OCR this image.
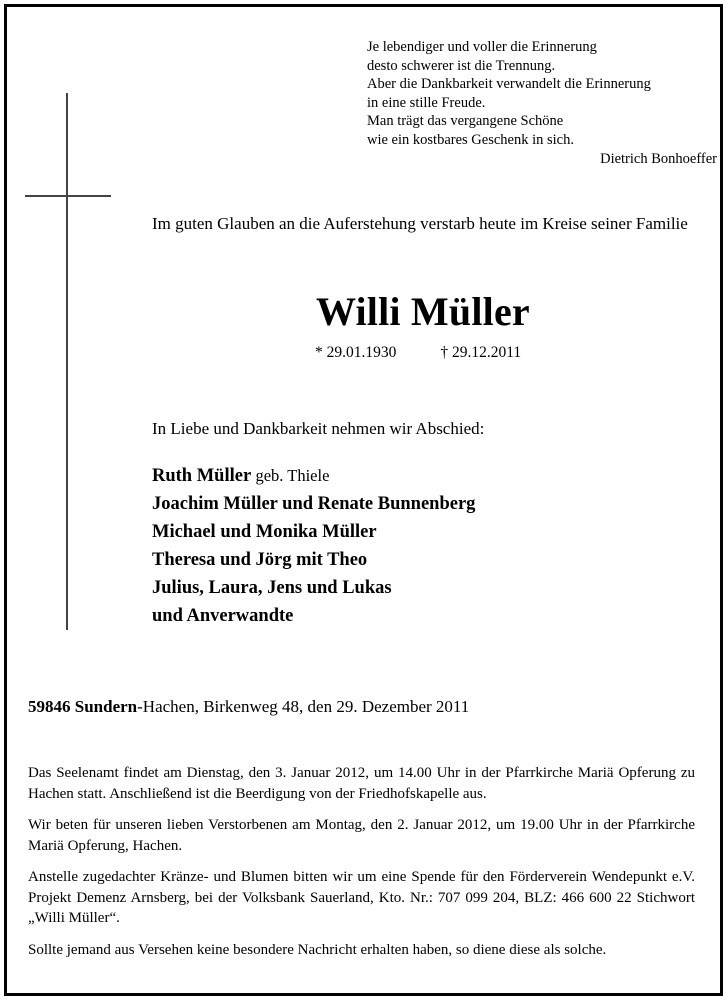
Je lebendiger und voller die Erinnerung
desto schwerer ist die Trennung.
Aber die Dankbarkeit verwandelt die Erinnerung
in eine stille Freude.
Man trägt das vergangene Schöne
wie ein kostbares Geschenk in sich.
Dietrich Bonhoeffer
Im guten Glauben an die Auferstehung verstarb heute im Kreise seiner Familie
Willi Müller
* 29.01.1930	† 29.12.2011
In Liebe und Dankbarkeit nehmen wir Abschied:
Ruth Müller geb. Thiele
Joachim Müller und Renate Bunnenberg
Michael und Monika Müller
Theresa und Jörg mit Theo
Julius, Laura, Jens und Lukas
und Anverwandte
59846 Sundern-Hachen, Birkenweg 48, den 29. Dezember 2011

Das Seelenamt findet am Dienstag, den 3. Januar 2012, um 14.00 Uhr in der Pfarrkirche Mariä Opferung zu Hachen statt. Anschließend ist die Beerdigung von der Friedhofskapelle aus.

Wir beten für unseren lieben Verstorbenen am Montag, den 2. Januar 2012, um 19.00 Uhr in der Pfarrkirche Mariä Opferung, Hachen.

Anstelle zugedachter Kränze- und Blumen bitten wir um eine Spende für den Förderverein Wendepunkt e.V. Projekt Demenz Arnsberg, bei der Volksbank Sauerland, Kto. Nr.: 707 099 204, BLZ: 466 600 22 Stichwort „Willi Müller“.

Sollte jemand aus Versehen keine besondere Nachricht erhalten haben, so diene diese als solche.
